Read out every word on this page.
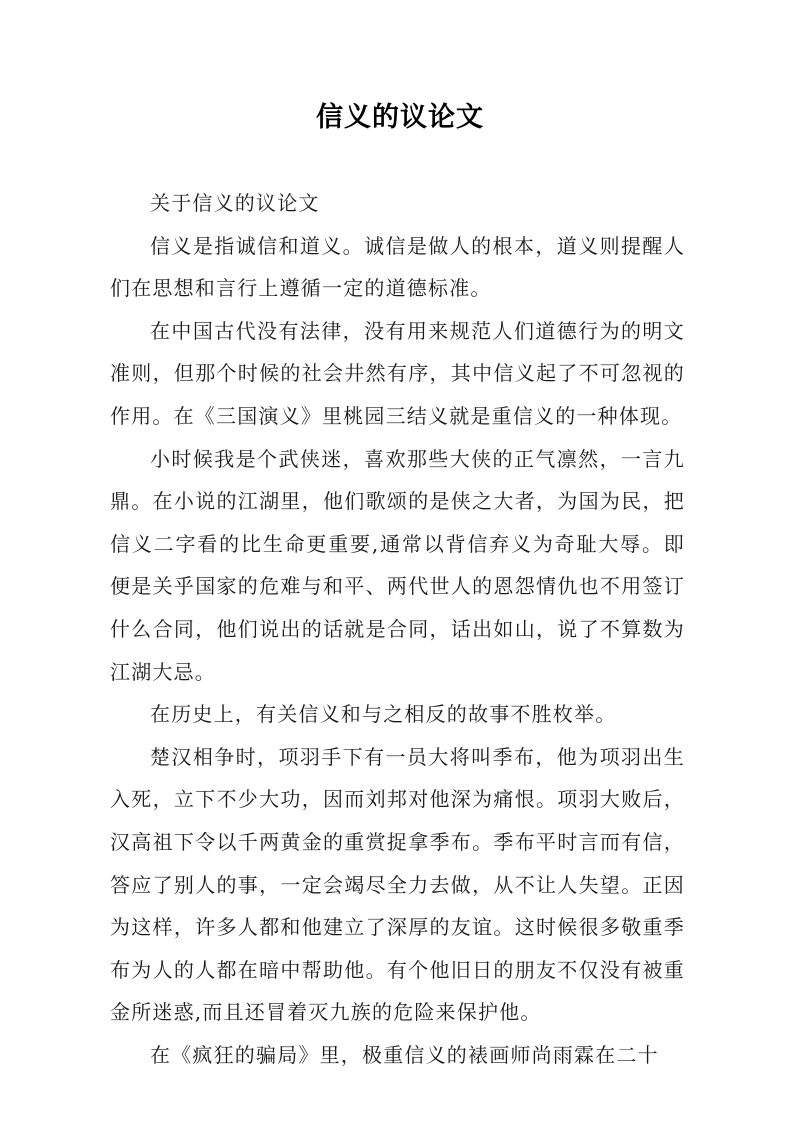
信义的议论文

关于信义的议论文

信义是指诚信和道义。诚信是做人的根本，道义则提醒人们在思想和言行上遵循一定的道德标准。

在中国古代没有法律，没有用来规范人们道德行为的明文准则，但那个时候的社会井然有序，其中信义起了不可忽视的作用。在《三国演义》里桃园三结义就是重信义的一种体现。

小时候我是个武侠迷，喜欢那些大侠的正气凛然，一言九鼎。在小说的江湖里，他们歌颂的是侠之大者，为国为民，把信义二字看的比生命更重要,通常以背信弃义为奇耻大辱。即便是关乎国家的危难与和平、两代世人的恩怨情仇也不用签订什么合同，他们说出的话就是合同，话出如山，说了不算数为江湖大忌。

在历史上，有关信义和与之相反的故事不胜枚举。

楚汉相争时，项羽手下有一员大将叫季布，他为项羽出生入死，立下不少大功，因而刘邦对他深为痛恨。项羽大败后，汉高祖下令以千两黄金的重赏捉拿季布。季布平时言而有信，答应了别人的事，一定会竭尽全力去做，从不让人失望。正因为这样，许多人都和他建立了深厚的友谊。这时候很多敬重季布为人的人都在暗中帮助他。有个他旧日的朋友不仅没有被重金所迷惑,而且还冒着灭九族的危险来保护他。

在《疯狂的骗局》里，极重信义的裱画师尚雨霖在二十
